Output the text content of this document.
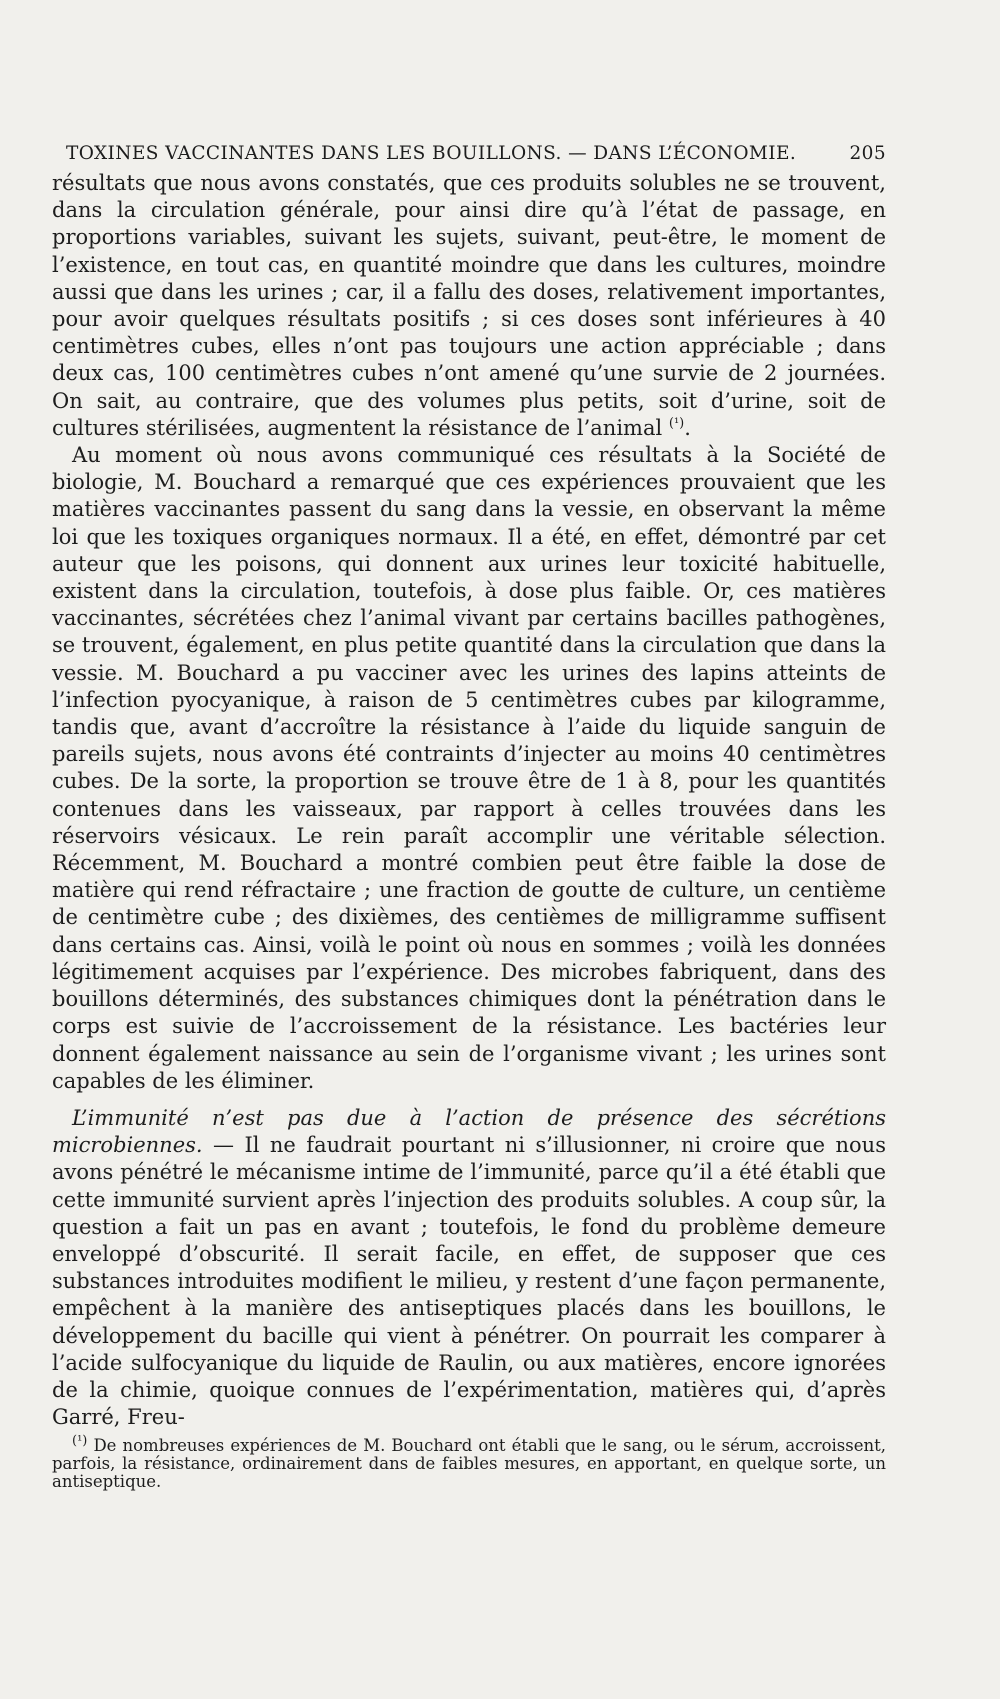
TOXINES VACCINANTES DANS LES BOUILLONS. — DANS L’ÉCONOMIE.	205

résultats que nous avons constatés, que ces produits solubles ne se trouvent, dans la circulation générale, pour ainsi dire qu’à l’état de passage, en proportions variables, suivant les sujets, suivant, peut-être, le moment de l’existence, en tout cas, en quantité moindre que dans les cultures, moindre aussi que dans les urines ; car, il a fallu des doses, relativement importantes, pour avoir quelques résultats positifs ; si ces doses sont inférieures à 40 centimètres cubes, elles n’ont pas toujours une action appréciable ; dans deux cas, 100 centimètres cubes n’ont amené qu’une survie de 2 journées. On sait, au contraire, que des volumes plus petits, soit d’urine, soit de cultures stérilisées, augmentent la résistance de l’animal $^{(^1)}$.

Au moment où nous avons communiqué ces résultats à la Société de biologie, M. Bouchard a remarqué que ces expériences prouvaient que les matières vaccinantes passent du sang dans la vessie, en observant la même loi que les toxiques organiques normaux. Il a été, en effet, démontré par cet auteur que les poisons, qui donnent aux urines leur toxicité habituelle, existent dans la circulation, toutefois, à dose plus faible. Or, ces matières vaccinantes, sécrétées chez l’animal vivant par certains bacilles pathogènes, se trouvent, également, en plus petite quantité dans la circulation que dans la vessie. M. Bouchard a pu vacciner avec les urines des lapins atteints de l’infection pyocyanique, à raison de 5 centimètres cubes par kilogramme, tandis que, avant d’accroître la résistance à l’aide du liquide sanguin de pareils sujets, nous avons été contraints d’injecter au moins 40 centimètres cubes. De la sorte, la proportion se trouve être de 1 à 8, pour les quantités contenues dans les vaisseaux, par rapport à celles trouvées dans les réservoirs vésicaux. Le rein paraît accomplir une véritable sélection. Récemment, M. Bouchard a montré combien peut être faible la dose de matière qui rend réfractaire ; une fraction de goutte de culture, un centième de centimètre cube ; des dixièmes, des centièmes de milligramme suffisent dans certains cas. Ainsi, voilà le point où nous en sommes ; voilà les données légitimement acquises par l’expérience. Des microbes fabriquent, dans des bouillons déterminés, des substances chimiques dont la pénétration dans le corps est suivie de l’accroissement de la résistance. Les bactéries leur donnent également naissance au sein de l’organisme vivant ; les urines sont capables de les éliminer.

L’immunité n’est pas due à l’action de présence des sécrétions microbiennes. — Il ne faudrait pourtant ni s’illusionner, ni croire que nous avons pénétré le mécanisme intime de l’immunité, parce qu’il a été établi que cette immunité survient après l’injection des produits solubles. A coup sûr, la question a fait un pas en avant ; toutefois, le fond du problème demeure enveloppé d’obscurité. Il serait facile, en effet, de supposer que ces substances introduites modifient le milieu, y restent d’une façon permanente, empêchent à la manière des antiseptiques placés dans les bouillons, le développement du bacille qui vient à pénétrer. On pourrait les comparer à l’acide sulfocyanique du liquide de Raulin, ou aux matières, encore ignorées de la chimie, quoique connues de l’expérimentation, matières qui, d’après Garré, Freu-

$^{(^1)}$ De nombreuses expériences de M. Bouchard ont établi que le sang, ou le sérum, accroissent, parfois, la résistance, ordinairement dans de faibles mesures, en apportant, en quelque sorte, un antiseptique.
